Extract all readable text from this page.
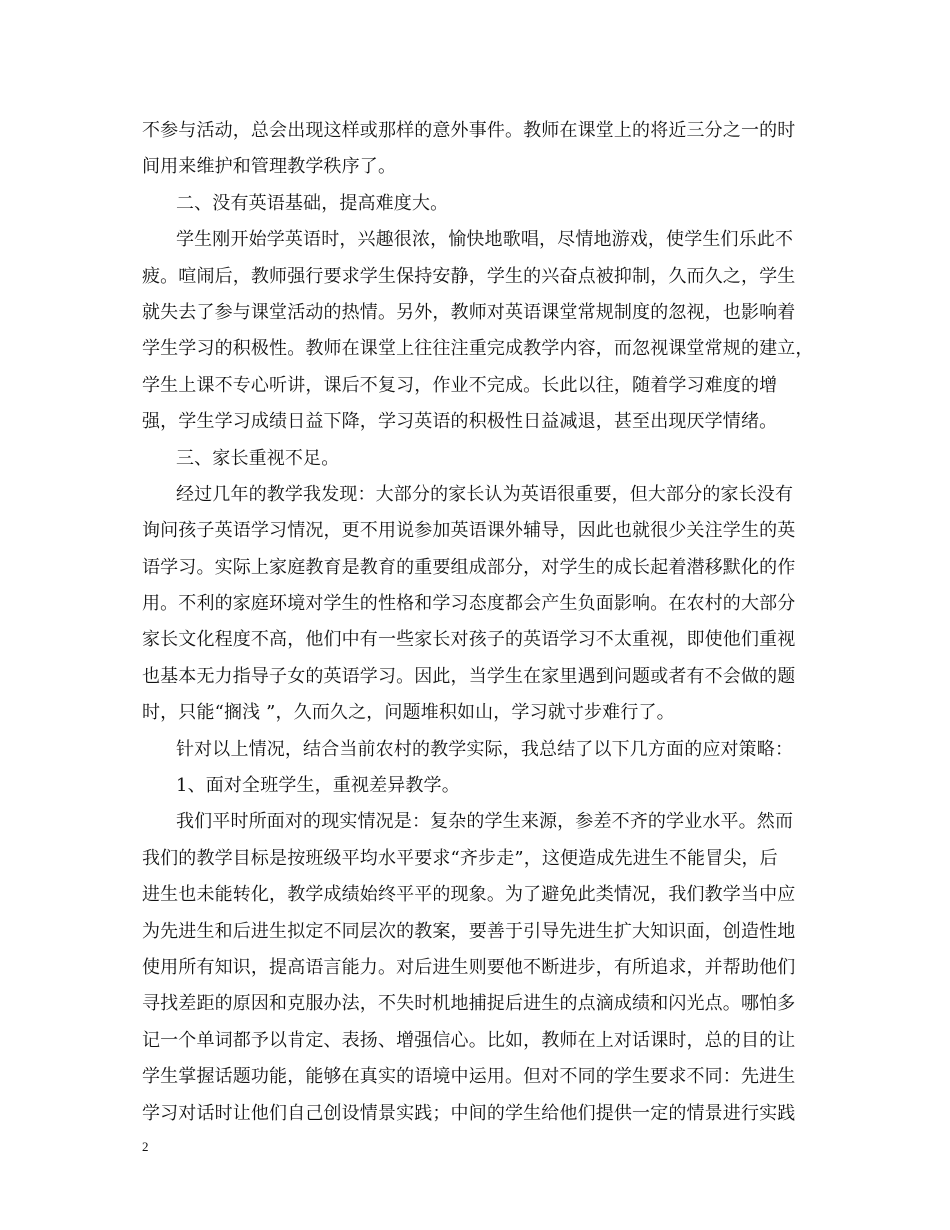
不参与活动，总会出现这样或那样的意外事件。教师在课堂上的将近三分之一的时
间用来维护和管理教学秩序了。
二、没有英语基础，提高难度大。
学生刚开始学英语时，兴趣很浓，愉快地歌唱，尽情地游戏，使学生们乐此不
疲。喧闹后，教师强行要求学生保持安静，学生的兴奋点被抑制，久而久之，学生
就失去了参与课堂活动的热情。另外，教师对英语课堂常规制度的忽视，也影响着
学生学习的积极性。教师在课堂上往往注重完成教学内容，而忽视课堂常规的建立，
学生上课不专心听讲，课后不复习，作业不完成。长此以往，随着学习难度的增
强，学生学习成绩日益下降，学习英语的积极性日益减退，甚至出现厌学情绪。
三、家长重视不足。
经过几年的教学我发现：大部分的家长认为英语很重要，但大部分的家长没有
询问孩子英语学习情况，更不用说参加英语课外辅导，因此也就很少关注学生的英
语学习。实际上家庭教育是教育的重要组成部分，对学生的成长起着潜移默化的作
用。不利的家庭环境对学生的性格和学习态度都会产生负面影响。在农村的大部分
家长文化程度不高，他们中有一些家长对孩子的英语学习不太重视，即使他们重视
也基本无力指导子女的英语学习。因此，当学生在家里遇到问题或者有不会做的题
时，只能“搁浅 ”，久而久之，问题堆积如山，学习就寸步难行了。
针对以上情况，结合当前农村的教学实际，我总结了以下几方面的应对策略：
1、面对全班学生，重视差异教学。
我们平时所面对的现实情况是：复杂的学生来源，参差不齐的学业水平。然而
我们的教学目标是按班级平均水平要求“齐步走”，这便造成先进生不能冒尖，后
进生也未能转化，教学成绩始终平平的现象。为了避免此类情况，我们教学当中应
为先进生和后进生拟定不同层次的教案，要善于引导先进生扩大知识面，创造性地
使用所有知识，提高语言能力。对后进生则要他不断进步，有所追求，并帮助他们
寻找差距的原因和克服办法，不失时机地捕捉后进生的点滴成绩和闪光点。哪怕多
记一个单词都予以肯定、表扬、增强信心。比如，教师在上对话课时，总的目的让
学生掌握话题功能，能够在真实的语境中运用。但对不同的学生要求不同：先进生
学习对话时让他们自己创设情景实践；中间的学生给他们提供一定的情景进行实践
2
